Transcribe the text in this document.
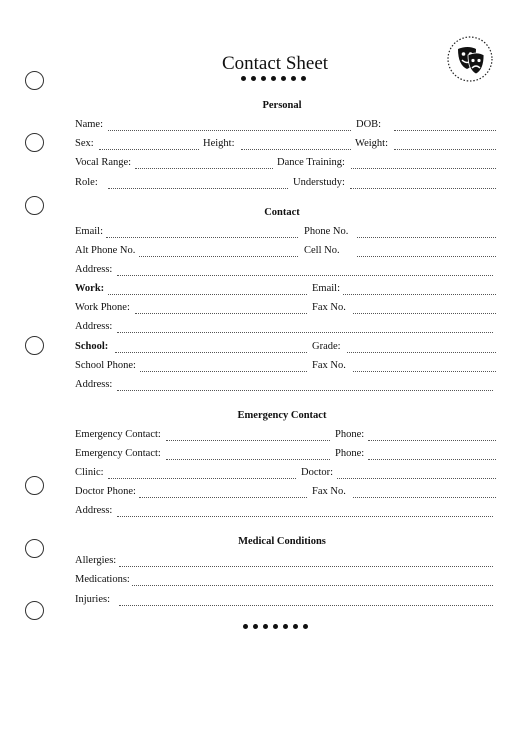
Contact Sheet
Personal
Name:	DOB:
Sex:	Height:	Weight:
Vocal Range:	Dance Training:
Role:	Understudy:
Contact
Email:	Phone No.
Alt Phone No.	Cell No.
Address:
Work:	Email:
Work Phone:	Fax No.
Address:
School:	Grade:
School Phone:	Fax No.
Address:
Emergency Contact
Emergency Contact:	Phone:
Emergency Contact:	Phone:
Clinic:	Doctor:
Doctor Phone:	Fax No.
Address:
Medical Conditions
Allergies:
Medications:
Injuries:
